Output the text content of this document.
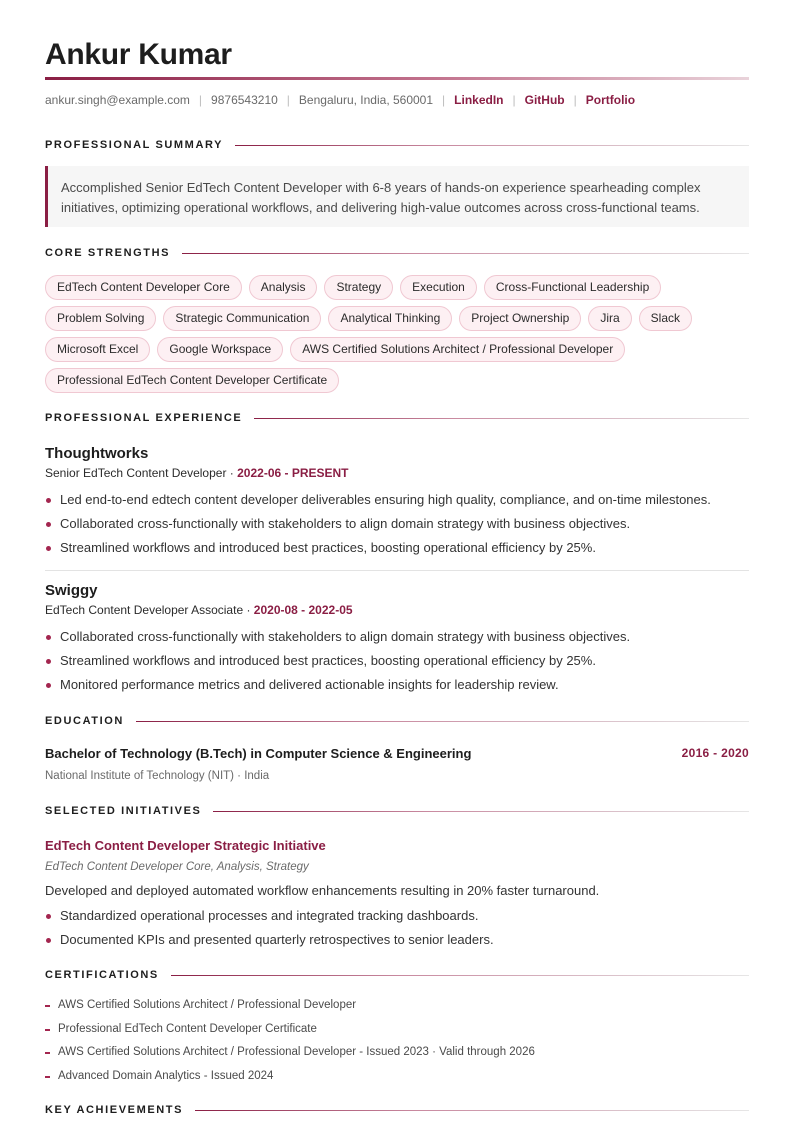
Ankur Kumar
ankur.singh@example.com | 9876543210 | Bengaluru, India, 560001 | LinkedIn | GitHub | Portfolio
PROFESSIONAL SUMMARY
Accomplished Senior EdTech Content Developer with 6-8 years of hands-on experience spearheading complex initiatives, optimizing operational workflows, and delivering high-value outcomes across cross-functional teams.
CORE STRENGTHS
EdTech Content Developer Core	Analysis	Strategy	Execution	Cross-Functional Leadership
Problem Solving	Strategic Communication	Analytical Thinking	Project Ownership	Jira	Slack
Microsoft Excel	Google Workspace	AWS Certified Solutions Architect / Professional Developer
Professional EdTech Content Developer Certificate
PROFESSIONAL EXPERIENCE
Thoughtworks
Senior EdTech Content Developer · 2022-06 - PRESENT
Led end-to-end edtech content developer deliverables ensuring high quality, compliance, and on-time milestones.
Collaborated cross-functionally with stakeholders to align domain strategy with business objectives.
Streamlined workflows and introduced best practices, boosting operational efficiency by 25%.
Swiggy
EdTech Content Developer Associate · 2020-08 - 2022-05
Collaborated cross-functionally with stakeholders to align domain strategy with business objectives.
Streamlined workflows and introduced best practices, boosting operational efficiency by 25%.
Monitored performance metrics and delivered actionable insights for leadership review.
EDUCATION
Bachelor of Technology (B.Tech) in Computer Science & Engineering	2016 - 2020
National Institute of Technology (NIT) · India
SELECTED INITIATIVES
EdTech Content Developer Strategic Initiative
EdTech Content Developer Core, Analysis, Strategy
Developed and deployed automated workflow enhancements resulting in 20% faster turnaround.
Standardized operational processes and integrated tracking dashboards.
Documented KPIs and presented quarterly retrospectives to senior leaders.
CERTIFICATIONS
AWS Certified Solutions Architect / Professional Developer
Professional EdTech Content Developer Certificate
AWS Certified Solutions Architect / Professional Developer - Issued 2023 · Valid through 2026
Advanced Domain Analytics - Issued 2024
KEY ACHIEVEMENTS
